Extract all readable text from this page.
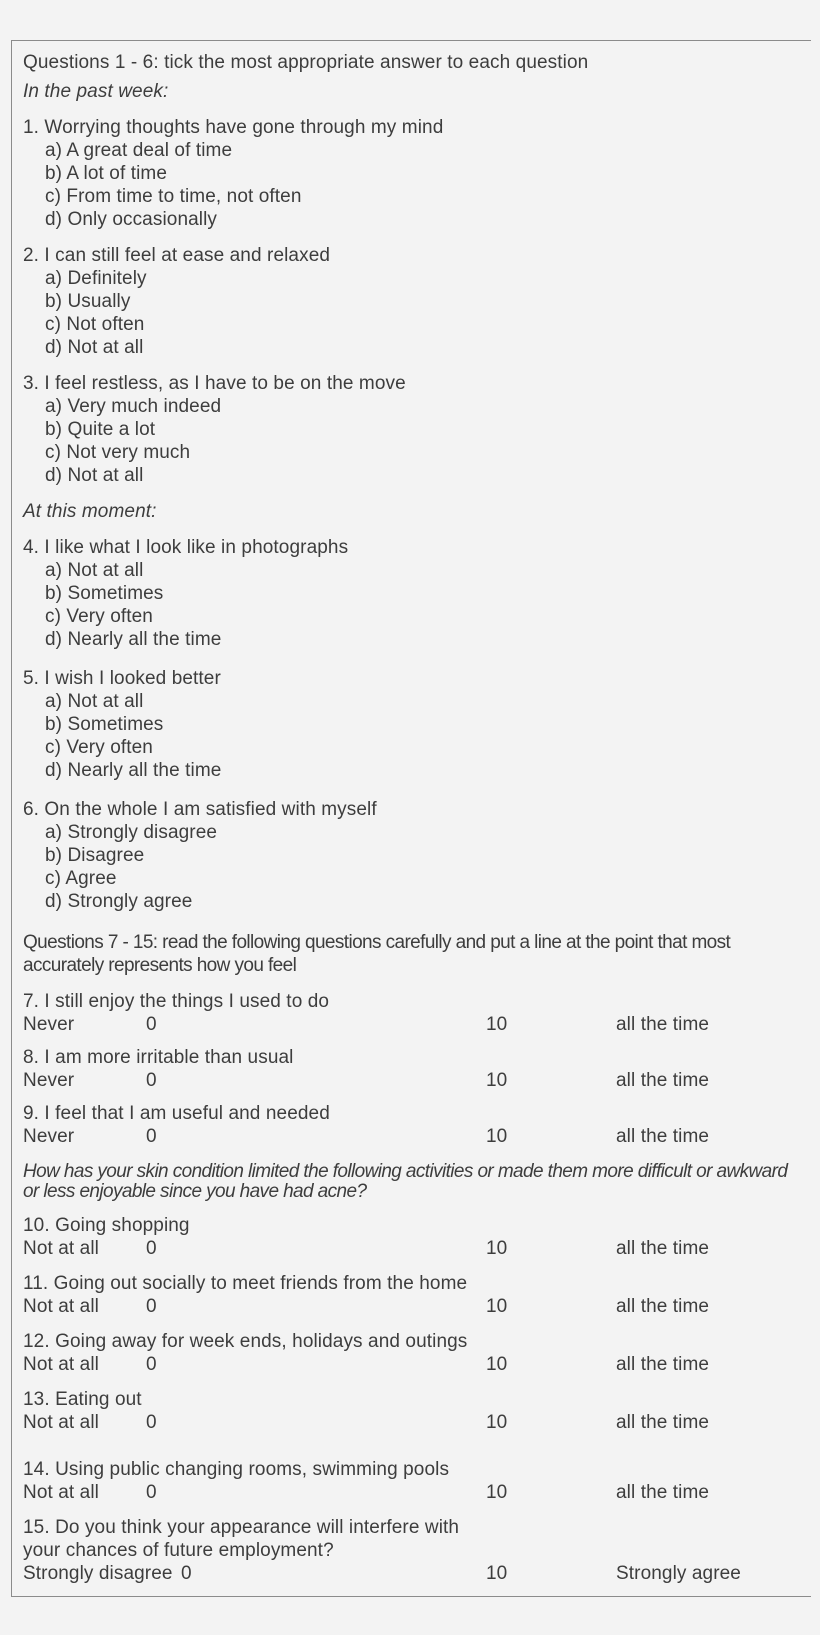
Questions 1 - 6: tick the most appropriate answer to each question
In the past week:
1. Worrying thoughts have gone through my mind
a) A great deal of time
b) A lot of time
c) From time to time, not often
d) Only occasionally
2. I can still feel at ease and relaxed
a) Definitely
b) Usually
c) Not often
d) Not at all
3. I feel restless, as I have to be on the move
a) Very much indeed
b) Quite a lot
c) Not very much
d) Not at all
At this moment:
4. I like what I look like in photographs
a) Not at all
b) Sometimes
c) Very often
d) Nearly all the time
5. I wish I looked better
a) Not at all
b) Sometimes
c) Very often
d) Nearly all the time
6. On the whole I am satisfied with myself
a) Strongly disagree
b) Disagree
c) Agree
d) Strongly agree
Questions 7 - 15: read the following questions carefully and put a line at the point that most accurately represents how you feel
7. I still enjoy the things I used to do
Never	0	10	all the time
8. I am more irritable than usual
Never	0	10	all the time
9. I feel that I am useful and needed
Never	0	10	all the time
How has your skin condition limited the following activities or made them more difficult or awkward or less enjoyable since you have had acne?
10. Going shopping
Not at all 0	10	all the time
11. Going out socially to meet friends from the home
Not at all 0	10	all the time
12. Going away for week ends, holidays and outings
Not at all 0	10	all the time
13. Eating out
Not at all 0	10	all the time
14. Using public changing rooms, swimming pools
Not at all 0	10	all the time
15. Do you think your appearance will interfere with your chances of future employment?
Strongly disagree 0	10	Strongly agree
